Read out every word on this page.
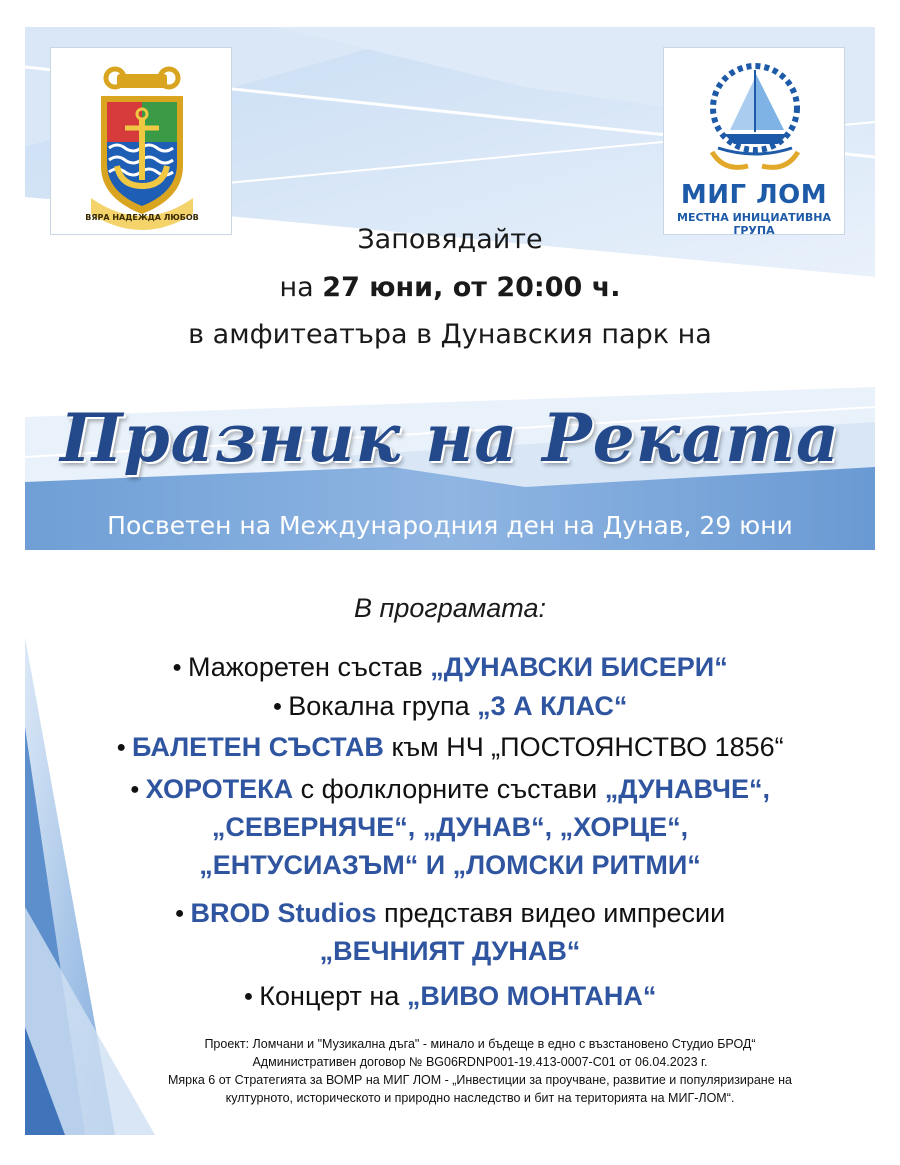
ВЯРА НАДЕЖДА ЛЮБОВ
МИГ ЛОМ
МЕСТНА ИНИЦИАТИВНА
ГРУПА
Заповядайте
на 27 юни, от 20:00 ч.
в амфитеатъра в Дунавския парк на
Празник на Реката
Посветен на Международния ден на Дунав, 29 юни
В програмата:
● Мажоретен състав „ДУНАВСКИ БИСЕРИ“
● Вокална група „3 А КЛАС“
● БАЛЕТЕН СЪСТАВ към НЧ „ПОСТОЯНСТВО 1856“
● ХОРОТЕКА с фолклорните състави „ДУНАВЧЕ“,
„СЕВЕРНЯЧЕ“, „ДУНАВ“, „ХОРЦЕ“,
„ЕНТУСИАЗЪМ“ И „ЛОМСКИ РИТМИ“
● BROD Studios представя видео импресии
„ВЕЧНИЯТ ДУНАВ“
● Концерт на „ВИВО МОНТАНА“
Проект: Ломчани и "Музикална дъга" - минало и бъдеще в едно с възстановено Студио БРОД“
Административен договор № BG06RDNP001-19.413-0007-C01 от 06.04.2023 г.
Мярка 6 от Стратегията за ВОМР на МИГ ЛОМ - „Инвестиции за проучване, развитие и популяризиране на
културното, историческото и природно наследство и бит на територията на МИГ-ЛОМ“.
